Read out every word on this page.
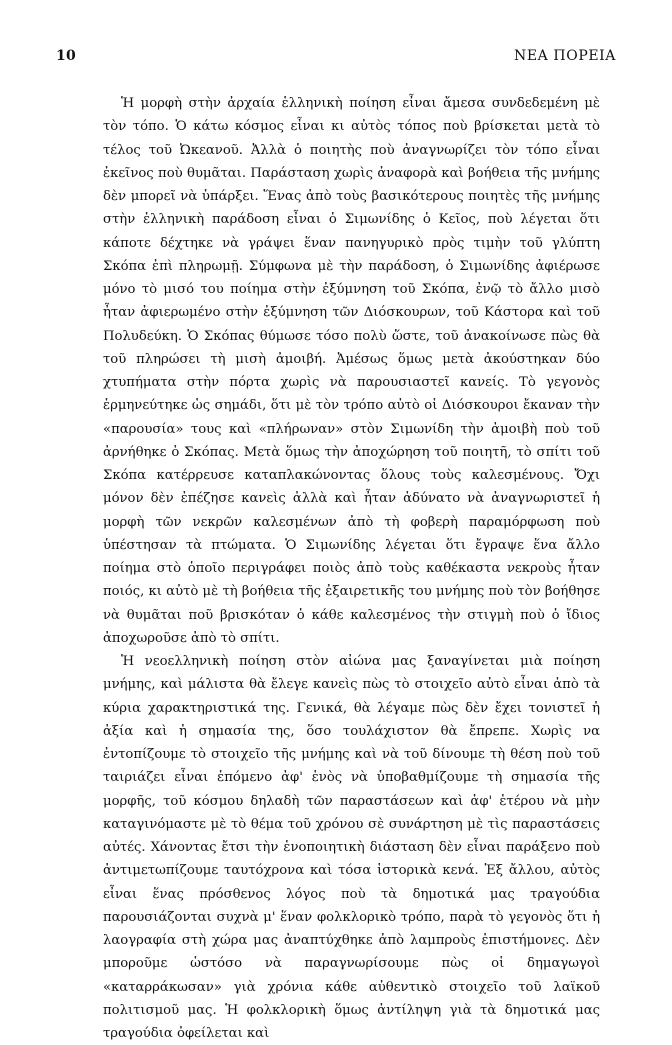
10	ΝΕΑ ΠΟΡΕΙΑ

Ἡ μορφὴ στὴν ἀρχαία ἑλληνικὴ ποίηση εἶναι ἄμεσα συνδεδεμένη μὲ τὸν τόπο. Ὁ κάτω κόσμος εἶναι κι αὐτὸς τόπος ποὺ βρίσκεται μετὰ τὸ τέλος τοῦ Ὠκεανοῦ. Ἀλλὰ ὁ ποιητὴς ποὺ ἀναγνωρίζει τὸν τόπο εἶναι ἐκεῖνος ποὺ θυμᾶται. Παράσταση χωρὶς ἀναφορὰ καὶ βοήθεια τῆς μνήμης δὲν μπορεῖ νὰ ὑπάρξει. Ἕνας ἀπὸ τοὺς βασικότερους ποιητὲς τῆς μνήμης στὴν ἑλληνικὴ παράδοση εἶναι ὁ Σιμωνίδης ὁ Κεῖος, ποὺ λέγεται ὅτι κάποτε δέχτηκε νὰ γράψει ἕναν πανηγυρικὸ πρὸς τιμὴν τοῦ γλύπτη Σκόπα ἐπὶ πληρωμῇ. Σύμφωνα μὲ τὴν παράδοση, ὁ Σιμωνίδης ἀφιέρωσε μόνο τὸ μισό του ποίημα στὴν ἐξύμνηση τοῦ Σκόπα, ἐνῷ τὸ ἄλλο μισὸ ἦταν ἀφιερωμένο στὴν ἐξύμνηση τῶν Διόσκουρων, τοῦ Κάστορα καὶ τοῦ Πολυδεύκη. Ὁ Σκόπας θύμωσε τόσο πολὺ ὥστε, τοῦ ἀνακοίνωσε πὼς θὰ τοῦ πληρώσει τὴ μισὴ ἀμοιβή. Ἀμέσως ὅμως μετὰ ἀκούστηκαν δύο χτυπήματα στὴν πόρτα χωρὶς νὰ παρουσιαστεῖ κανείς. Τὸ γεγονὸς ἑρμηνεύτηκε ὡς σημάδι, ὅτι μὲ τὸν τρόπο αὐτὸ οἱ Διόσκουροι ἔκαναν τὴν «παρουσία» τους καὶ «πλήρωναν» στὸν Σιμωνίδη τὴν ἀμοιβὴ ποὺ τοῦ ἀρνήθηκε ὁ Σκόπας. Μετὰ ὅμως τὴν ἀποχώρηση τοῦ ποιητῆ, τὸ σπίτι τοῦ Σκόπα κατέρρευσε καταπλακώνοντας ὅλους τοὺς καλεσμένους. Ὄχι μόνον δὲν ἐπέζησε κανεὶς ἀλλὰ καὶ ἦταν ἀδύνατο νὰ ἀναγνωριστεῖ ἡ μορφὴ τῶν νεκρῶν καλεσμένων ἀπὸ τὴ φοβερὴ παραμόρφωση ποὺ ὑπέστησαν τὰ πτώματα. Ὁ Σιμωνίδης λέγεται ὅτι ἔγραψε ἕνα ἄλλο ποίημα στὸ ὁποῖο περιγράφει ποιὸς ἀπὸ τοὺς καθέκαστα νεκροὺς ἦταν ποιός, κι αὐτὸ μὲ τὴ βοήθεια τῆς ἐξαιρετικῆς του μνήμης ποὺ τὸν βοήθησε νὰ θυμᾶται ποῦ βρισκόταν ὁ κάθε καλεσμένος τὴν στιγμὴ ποὺ ὁ ἴδιος ἀποχωροῦσε ἀπὸ τὸ σπίτι.

Ἡ νεοελληνικὴ ποίηση στὸν αἰώνα μας ξαναγίνεται μιὰ ποίηση μνήμης, καὶ μάλιστα θὰ ἔλεγε κανεὶς πὼς τὸ στοιχεῖο αὐτὸ εἶναι ἀπὸ τὰ κύρια χαρακτηριστικά της. Γενικά, θὰ λέγαμε πὼς δὲν ἔχει τονιστεῖ ἡ ἀξία καὶ ἡ σημασία της, ὅσο τουλάχιστον θὰ ἔπρεπε. Χωρὶς να ἐντοπίζουμε τὸ στοιχεῖο τῆς μνήμης καὶ νὰ τοῦ δίνουμε τὴ θέση ποὺ τοῦ ταιριάζει εἶναι ἑπόμενο ἀφ' ἑνὸς νὰ ὑποβαθμίζουμε τὴ σημασία τῆς μορφῆς, τοῦ κόσμου δηλαδὴ τῶν παραστάσεων καὶ ἀφ' ἑτέρου νὰ μὴν καταγινόμαστε μὲ τὸ θέμα τοῦ χρόνου σὲ συνάρτηση μὲ τὶς παραστάσεις αὐτές. Χάνοντας ἔτσι τὴν ἑνοποιητικὴ διάσταση δὲν εἶναι παράξενο ποὺ ἀντιμετωπίζουμε ταυτόχρονα καὶ τόσα ἱστορικὰ κενά. Ἐξ ἄλλου, αὐτὸς εἶναι ἕνας πρόσθενος λόγος ποὺ τὰ δημοτικά μας τραγούδια παρουσιάζονται συχνὰ μ' ἕναν φολκλορικὸ τρόπο, παρὰ τὸ γεγονὸς ὅτι ἡ λαογραφία στὴ χώρα μας ἀναπτύχθηκε ἀπὸ λαμπροὺς ἐπιστήμονες. Δὲν μποροῦμε ὡστόσο νὰ παραγνωρίσουμε πὼς οἱ δημαγωγοὶ «καταρράκωσαν» γιὰ χρόνια κάθε αὐθεντικὸ στοιχεῖο τοῦ λαϊκοῦ πολιτισμοῦ μας. Ἡ φολκλορικὴ ὅμως ἀντίληψη γιὰ τὰ δημοτικά μας τραγούδια ὀφείλεται καὶ
